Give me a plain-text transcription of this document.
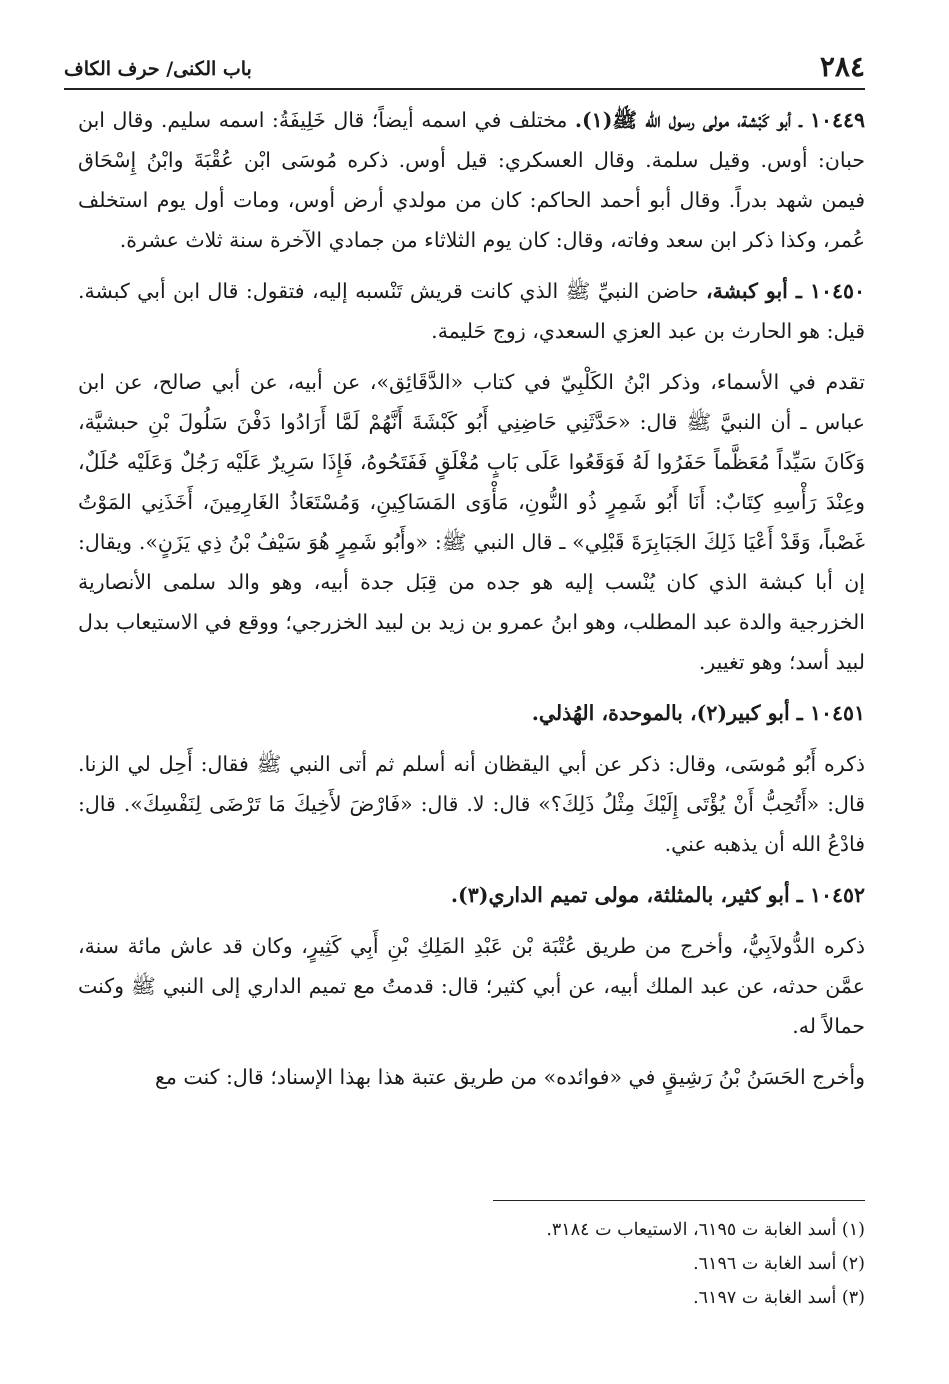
٢٨٤
باب الكنى/ حرف الكاف

١٠٤٤٩ ـ أبو كَبْشة، مولى رسول الله ﷺ(١). مختلف في اسمه أيضاً؛ قال خَلِيفَةُ: اسمه سليم. وقال ابن حبان: أوس. وقيل سلمة. وقال العسكري: قيل أوس. ذكره مُوسَى ابْن عُقْبَةَ وابْنُ إِسْحَاق فيمن شهد بدراً. وقال أبو أحمد الحاكم: كان من مولدي أرض أوس، ومات أول يوم استخلف عُمر، وكذا ذكر ابن سعد وفاته، وقال: كان يوم الثلاثاء من جمادي الآخرة سنة ثلاث عشرة.

١٠٤٥٠ ـ أبو كبشة، حاضن النبيِّ ﷺ الذي كانت قريش تَنْسبه إليه، فتقول: قال ابن أبي كبشة. قيل: هو الحارث بن عبد العزي السعدي، زوج حَليمة.

تقدم في الأسماء، وذكر ابْنُ الكَلْبِيّ في كتاب «الدَّقَائِق»، عن أبيه، عن أبي صالح، عن ابن عباس ـ أن النبيَّ ﷺ قال: «حَدَّثَنِي حَاضِنِي أَبُو كَبْشَةَ أَنَّهُمْ لَمَّا أَرَادُوا دَفْنَ سَلُولَ بْنِ حبشيَّة، وَكَانَ سَيِّداً مُعَظَّماً حَفَرُوا لَهُ فَوَقَعُوا عَلَى بَابٍ مُغْلَقٍ فَفَتَحُوهُ، فَإِذَا سَرِيرٌ عَلَيْه رَجُلٌ وَعَلَيْه حُلَلٌ، وعِنْدَ رَأْسِهِ كِتَابٌ: أَنَا أَبُو شَمِرٍ ذُو النُّونِ، مَأْوَى المَسَاكِينِ، وَمُسْتَعَاذُ الغَارِمِينَ، أَخَذَنِي المَوْتُ غَصْباً، وَقَدْ أَعْيَا ذَلِكَ الجَبَابِرَةَ قَبْلِي» ـ قال النبي ﷺ: «وأَبُو شَمِرٍ هُوَ سَيْفُ بْنُ ذِي يَزَنٍ». ويقال: إن أبا كبشة الذي كان يُنْسب إليه هو جده من قِبَل جدة أبيه، وهو والد سلمى الأنصارية الخزرجية والدة عبد المطلب، وهو ابنُ عمرو بن زيد بن لبيد الخزرجي؛ ووقع في الاستيعاب بدل لبيد أسد؛ وهو تغيير.

١٠٤٥١ ـ أبو كبير(٢)، بالموحدة، الهُذلي.

ذكره أَبُو مُوسَى، وقال: ذكر عن أبي اليقظان أنه أسلم ثم أتى النبي ﷺ فقال: أَحِل لي الزنا. قال: «أَتُحِبُّ أَنْ يُؤْتَى إِلَيْكَ مِثْلُ ذَلِكَ؟» قال: لا. قال: «فَارْضَ لأَخِيكَ مَا تَرْضَى لِنَفْسِكَ». قال: فادْعُ الله أن يذهبه عني.

١٠٤٥٢ ـ أبو كثير، بالمثلثة، مولى تميم الداري(٣).

ذكره الدُّولاَبِيُّ، وأخرج من طريق عُتْبَة بْن عَبْدِ المَلِكِ بْنِ أَبِي كَثِيرٍ، وكان قد عاش مائة سنة، عمَّن حدثه، عن عبد الملك أبيه، عن أبي كثير؛ قال: قدمتُ مع تميم الداري إلى النبي ﷺ وكنت حمالاً له.

وأخرج الحَسَنُ بْنُ رَشِيقٍ في «فوائده» من طريق عتبة هذا بهذا الإسناد؛ قال: كنت مع

(١) أسد الغابة ت ٦١٩٥، الاستيعاب ت ٣١٨٤.

(٢) أسد الغابة ت ٦١٩٦.

(٣) أسد الغابة ت ٦١٩٧.
